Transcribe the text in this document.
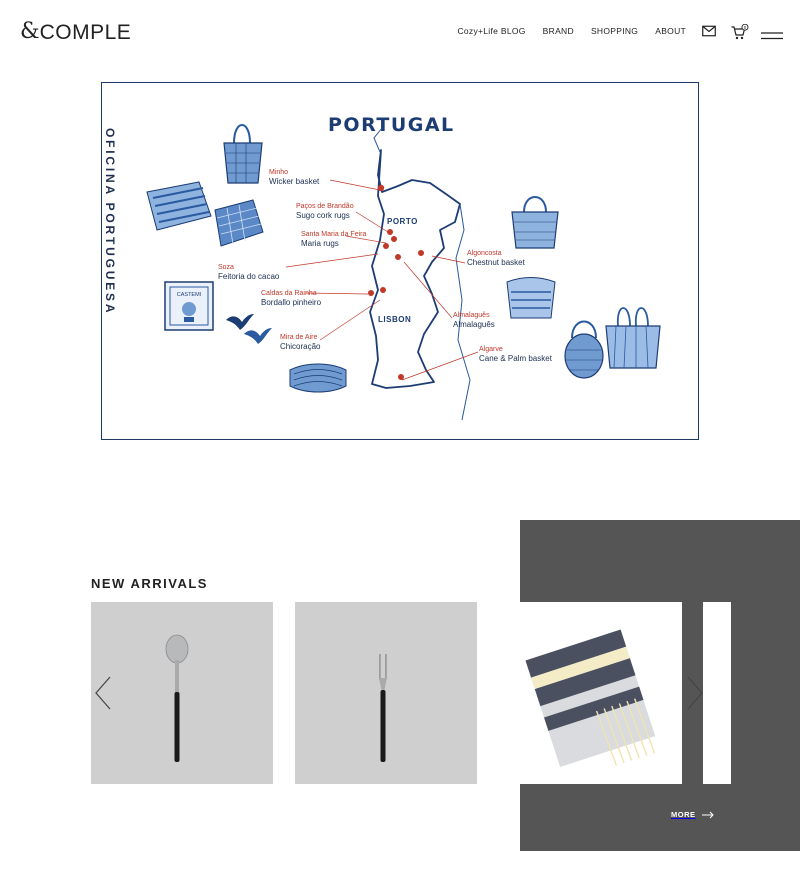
& COMPLE	Cozy+Life BLOG BRAND SHOPPING ABOUT	0
OFICINA PORTUGUESA
PORTUGAL
PORTO
LISBON
Minho
Wicker basket
Paços de Brandão
Sugo cork rugs
Santa Maria da Feira
Maria rugs
Soza
Feitoria do cacao
Caldas da Rainha
Bordallo pinheiro
Mira de Aire
Chicoração
Algoncosta
Chestnut basket
Almalaguês
Almalaguês
Algarve
Cane & Palm basket
CASTEMI
NEW ARRIVALS
MORE
